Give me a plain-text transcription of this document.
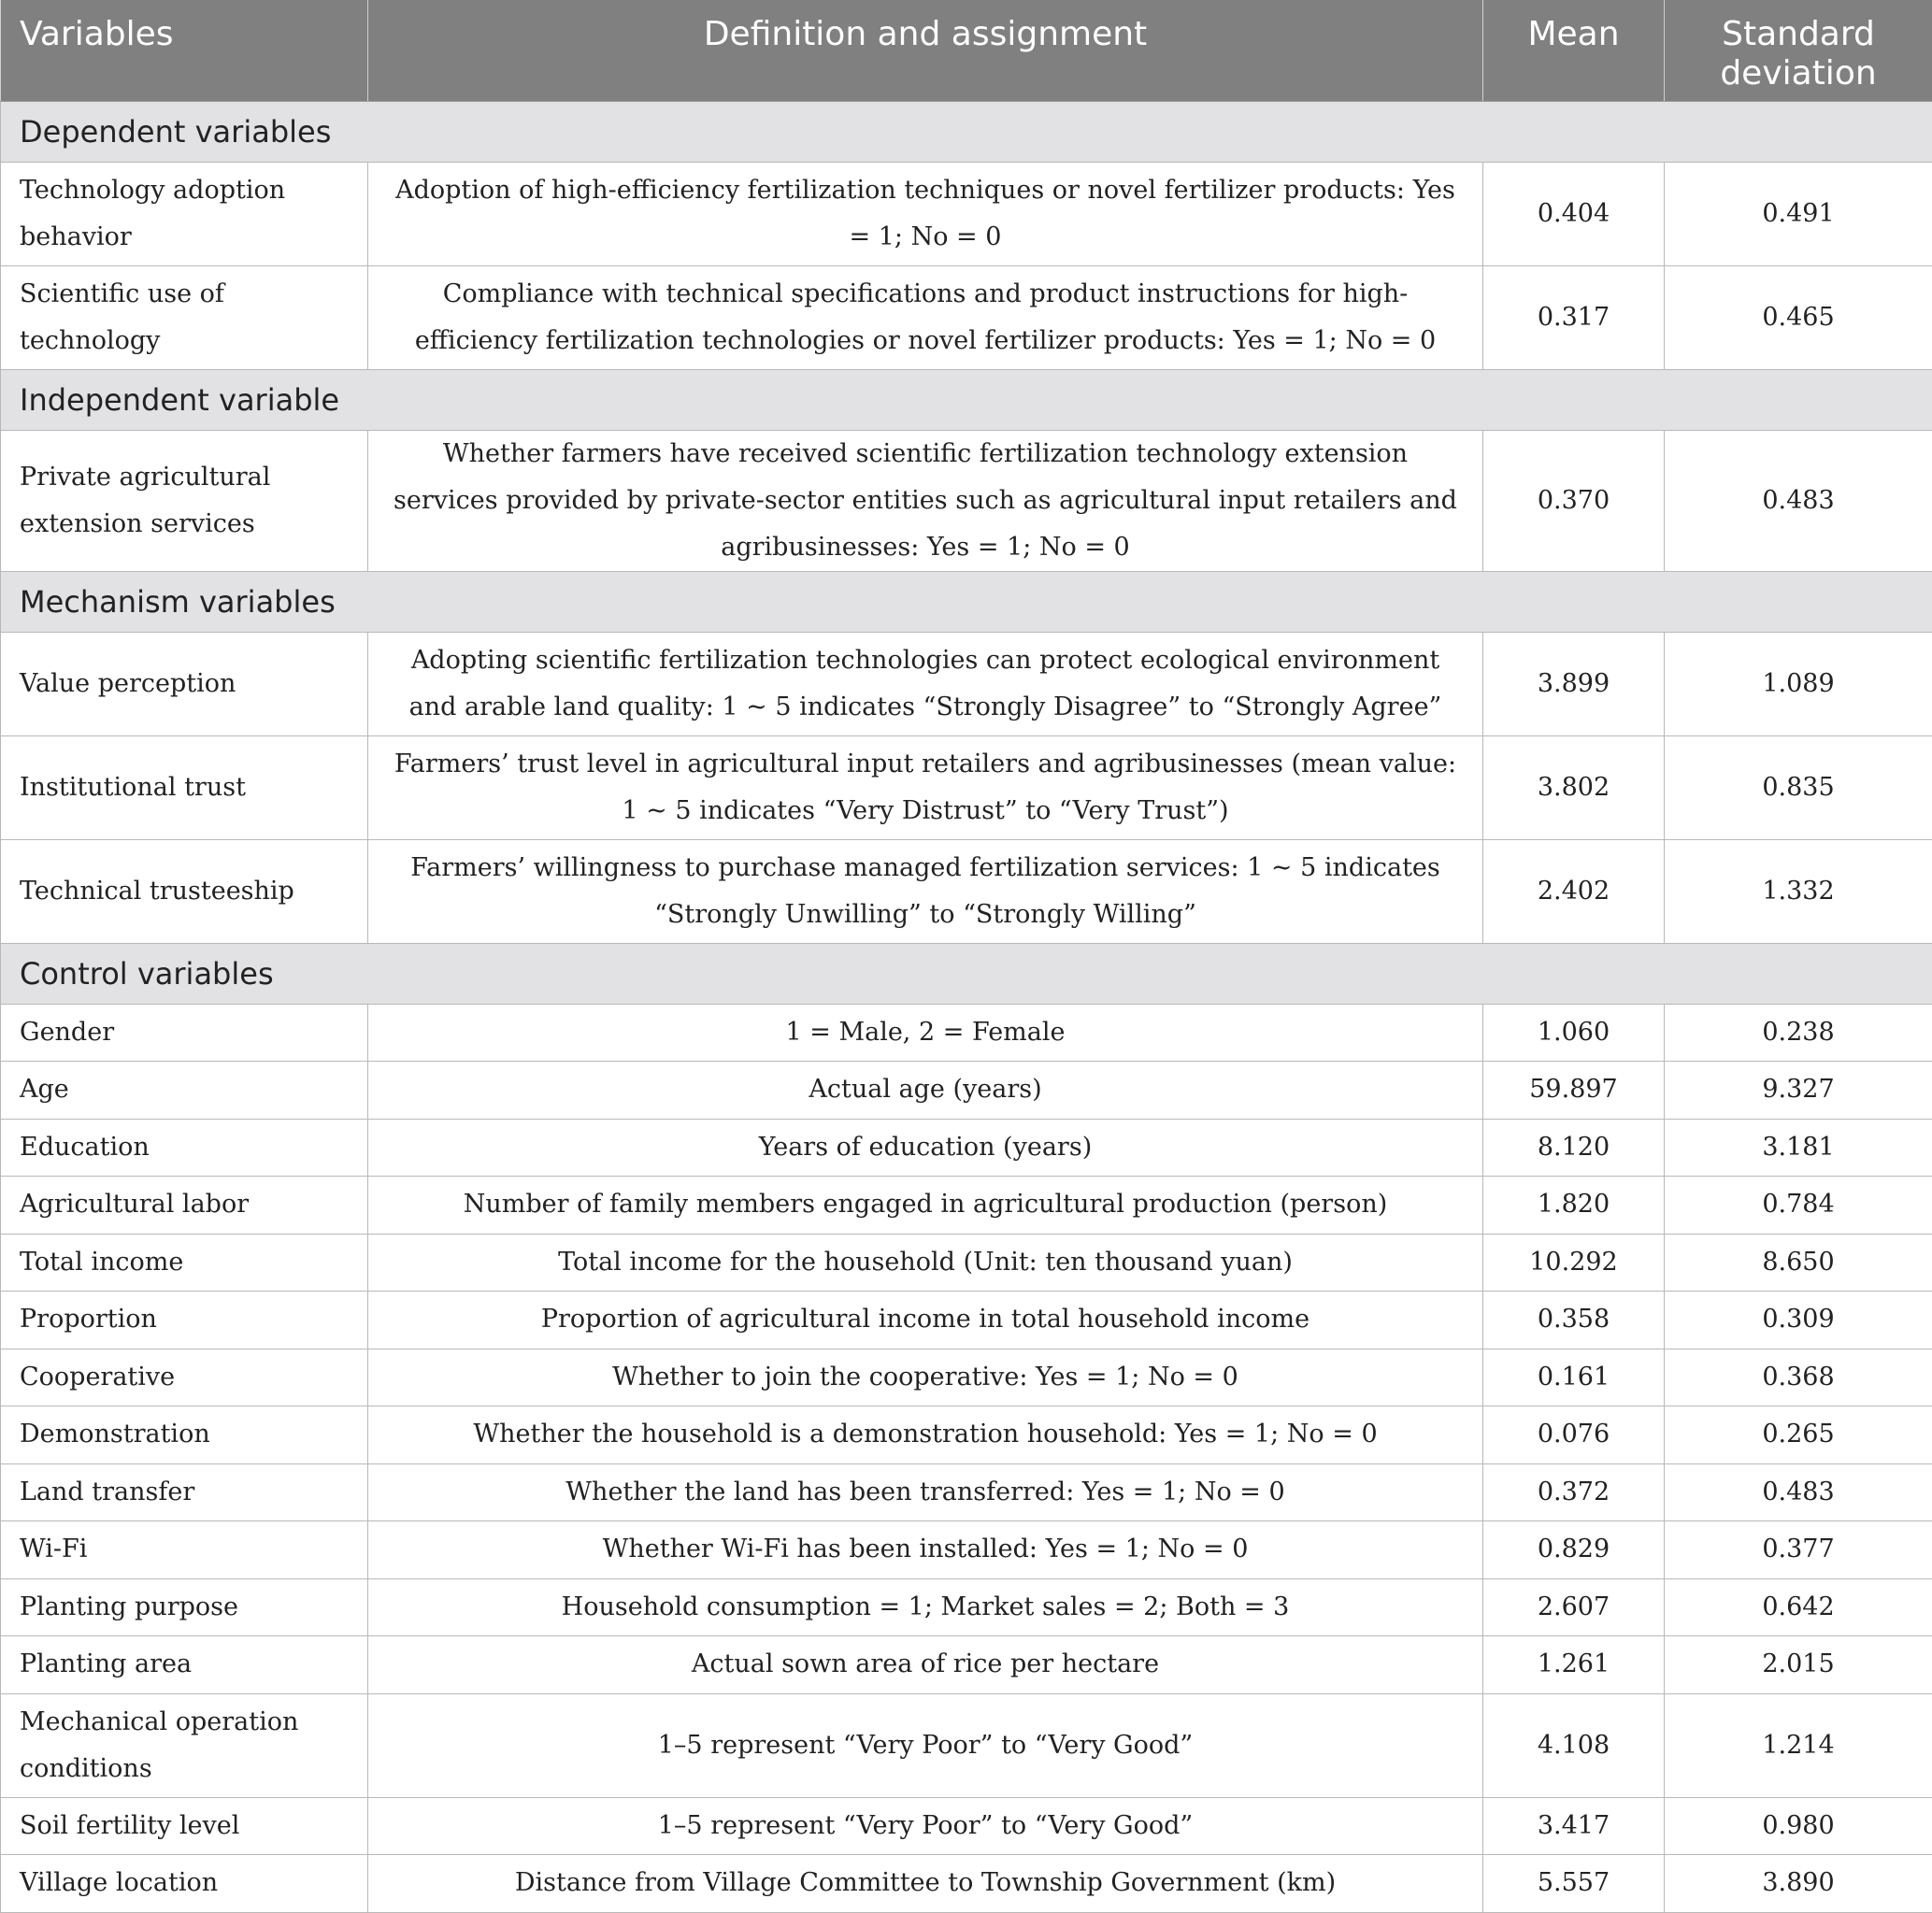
Variables	Definition and assignment	Mean	Standard deviation
Dependent variables			
Technology adoption behavior	Adoption of high-efficiency fertilization techniques or novel fertilizer products: Yes = 1; No = 0	0.404	0.491
Scientific use of technology	Compliance with technical specifications and product instructions for high-efficiency fertilization technologies or novel fertilizer products: Yes = 1; No = 0	0.317	0.465
Independent variable			
Private agricultural extension services	Whether farmers have received scientific fertilization technology extension services provided by private-sector entities such as agricultural input retailers and agribusinesses: Yes = 1; No = 0	0.370	0.483
Mechanism variables			
Value perception	Adopting scientific fertilization technologies can protect ecological environment and arable land quality: 1 ~ 5 indicates “Strongly Disagree” to “Strongly Agree”	3.899	1.089
Institutional trust	Farmers’ trust level in agricultural input retailers and agribusinesses (mean value: 1 ~ 5 indicates “Very Distrust” to “Very Trust”)	3.802	0.835
Technical trusteeship	Farmers’ willingness to purchase managed fertilization services: 1 ~ 5 indicates “Strongly Unwilling” to “Strongly Willing”	2.402	1.332
Control variables			
Gender	1 = Male, 2 = Female	1.060	0.238
Age	Actual age (years)	59.897	9.327
Education	Years of education (years)	8.120	3.181
Agricultural labor	Number of family members engaged in agricultural production (person)	1.820	0.784
Total income	Total income for the household (Unit: ten thousand yuan)	10.292	8.650
Proportion	Proportion of agricultural income in total household income	0.358	0.309
Cooperative	Whether to join the cooperative: Yes = 1; No = 0	0.161	0.368
Demonstration	Whether the household is a demonstration household: Yes = 1; No = 0	0.076	0.265
Land transfer	Whether the land has been transferred: Yes = 1; No = 0	0.372	0.483
Wi-Fi	Whether Wi-Fi has been installed: Yes = 1; No = 0	0.829	0.377
Planting purpose	Household consumption = 1; Market sales = 2; Both = 3	2.607	0.642
Planting area	Actual sown area of rice per hectare	1.261	2.015
Mechanical operation conditions	1–5 represent “Very Poor” to “Very Good”	4.108	1.214
Soil fertility level	1–5 represent “Very Poor” to “Very Good”	3.417	0.980
Village location	Distance from Village Committee to Township Government (km)	5.557	3.890
